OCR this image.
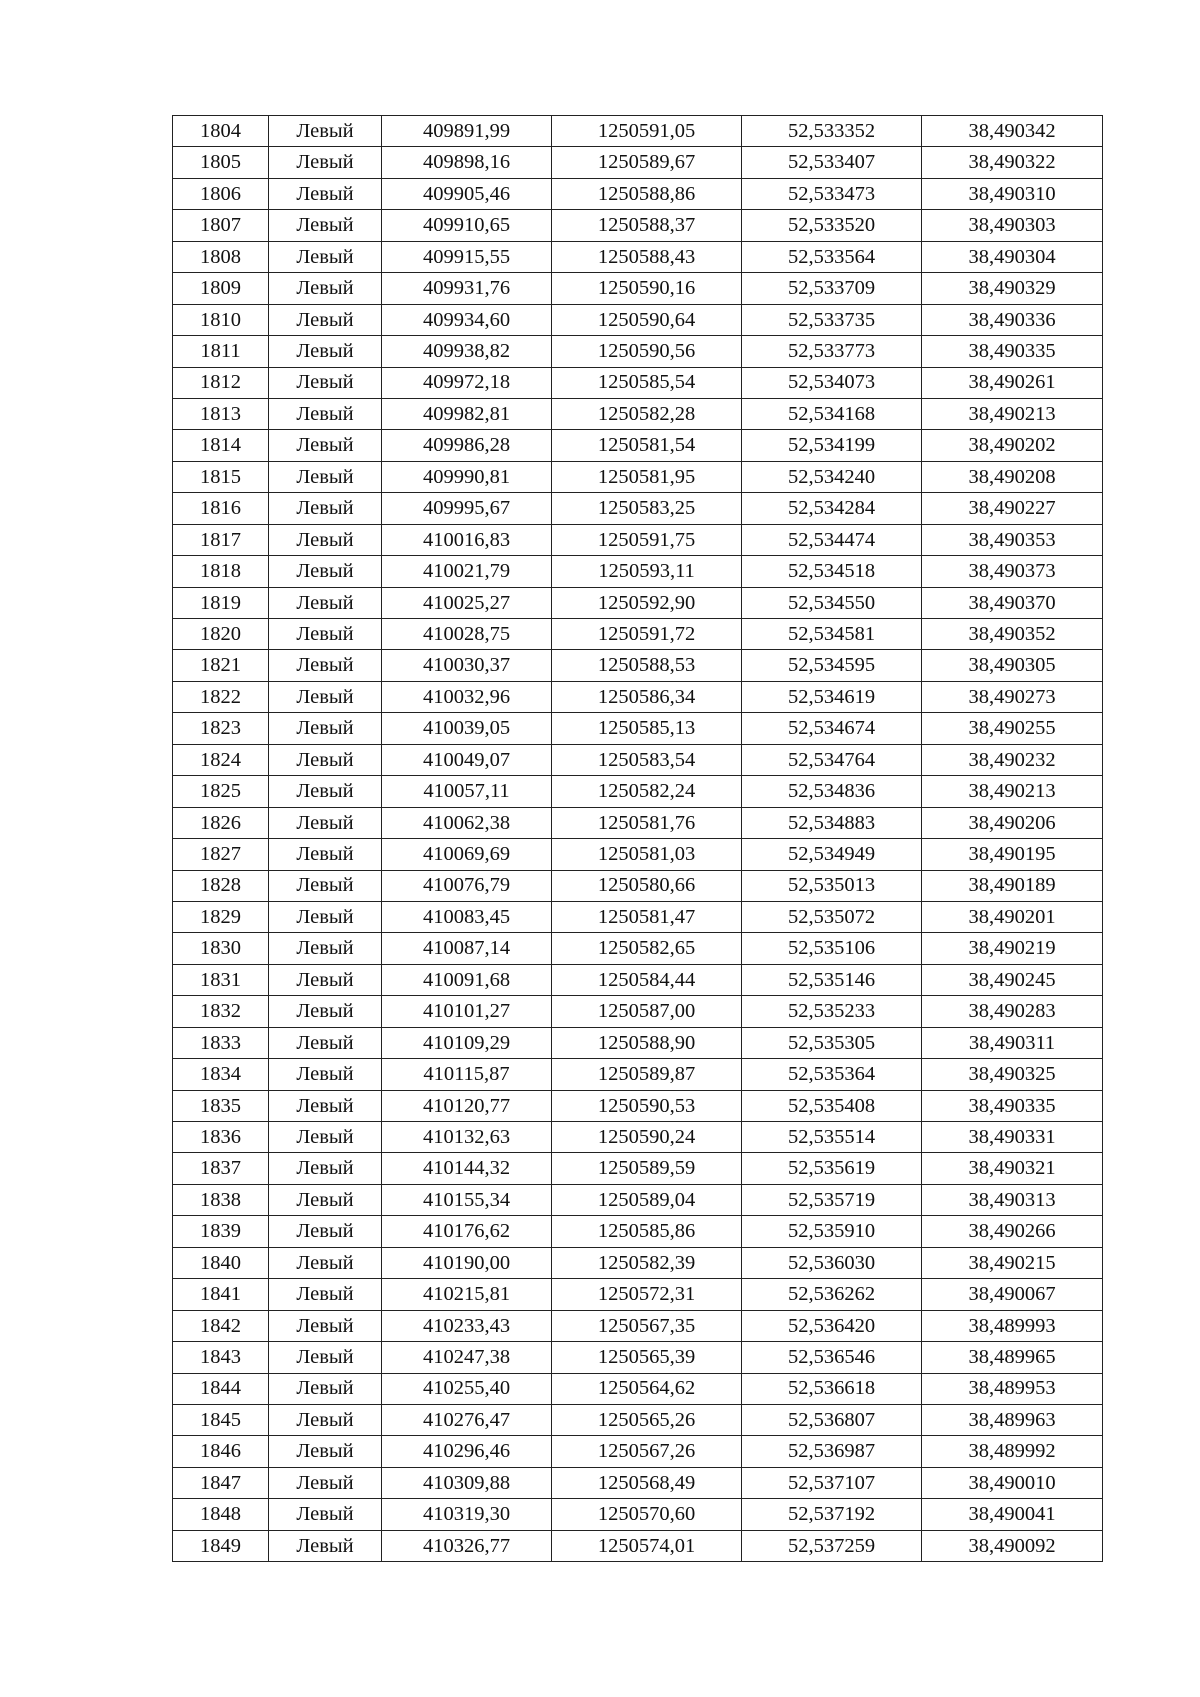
1804	Левый	409891,99	1250591,05	52,533352	38,490342
1805	Левый	409898,16	1250589,67	52,533407	38,490322
1806	Левый	409905,46	1250588,86	52,533473	38,490310
1807	Левый	409910,65	1250588,37	52,533520	38,490303
1808	Левый	409915,55	1250588,43	52,533564	38,490304
1809	Левый	409931,76	1250590,16	52,533709	38,490329
1810	Левый	409934,60	1250590,64	52,533735	38,490336
1811	Левый	409938,82	1250590,56	52,533773	38,490335
1812	Левый	409972,18	1250585,54	52,534073	38,490261
1813	Левый	409982,81	1250582,28	52,534168	38,490213
1814	Левый	409986,28	1250581,54	52,534199	38,490202
1815	Левый	409990,81	1250581,95	52,534240	38,490208
1816	Левый	409995,67	1250583,25	52,534284	38,490227
1817	Левый	410016,83	1250591,75	52,534474	38,490353
1818	Левый	410021,79	1250593,11	52,534518	38,490373
1819	Левый	410025,27	1250592,90	52,534550	38,490370
1820	Левый	410028,75	1250591,72	52,534581	38,490352
1821	Левый	410030,37	1250588,53	52,534595	38,490305
1822	Левый	410032,96	1250586,34	52,534619	38,490273
1823	Левый	410039,05	1250585,13	52,534674	38,490255
1824	Левый	410049,07	1250583,54	52,534764	38,490232
1825	Левый	410057,11	1250582,24	52,534836	38,490213
1826	Левый	410062,38	1250581,76	52,534883	38,490206
1827	Левый	410069,69	1250581,03	52,534949	38,490195
1828	Левый	410076,79	1250580,66	52,535013	38,490189
1829	Левый	410083,45	1250581,47	52,535072	38,490201
1830	Левый	410087,14	1250582,65	52,535106	38,490219
1831	Левый	410091,68	1250584,44	52,535146	38,490245
1832	Левый	410101,27	1250587,00	52,535233	38,490283
1833	Левый	410109,29	1250588,90	52,535305	38,490311
1834	Левый	410115,87	1250589,87	52,535364	38,490325
1835	Левый	410120,77	1250590,53	52,535408	38,490335
1836	Левый	410132,63	1250590,24	52,535514	38,490331
1837	Левый	410144,32	1250589,59	52,535619	38,490321
1838	Левый	410155,34	1250589,04	52,535719	38,490313
1839	Левый	410176,62	1250585,86	52,535910	38,490266
1840	Левый	410190,00	1250582,39	52,536030	38,490215
1841	Левый	410215,81	1250572,31	52,536262	38,490067
1842	Левый	410233,43	1250567,35	52,536420	38,489993
1843	Левый	410247,38	1250565,39	52,536546	38,489965
1844	Левый	410255,40	1250564,62	52,536618	38,489953
1845	Левый	410276,47	1250565,26	52,536807	38,489963
1846	Левый	410296,46	1250567,26	52,536987	38,489992
1847	Левый	410309,88	1250568,49	52,537107	38,490010
1848	Левый	410319,30	1250570,60	52,537192	38,490041
1849	Левый	410326,77	1250574,01	52,537259	38,490092
